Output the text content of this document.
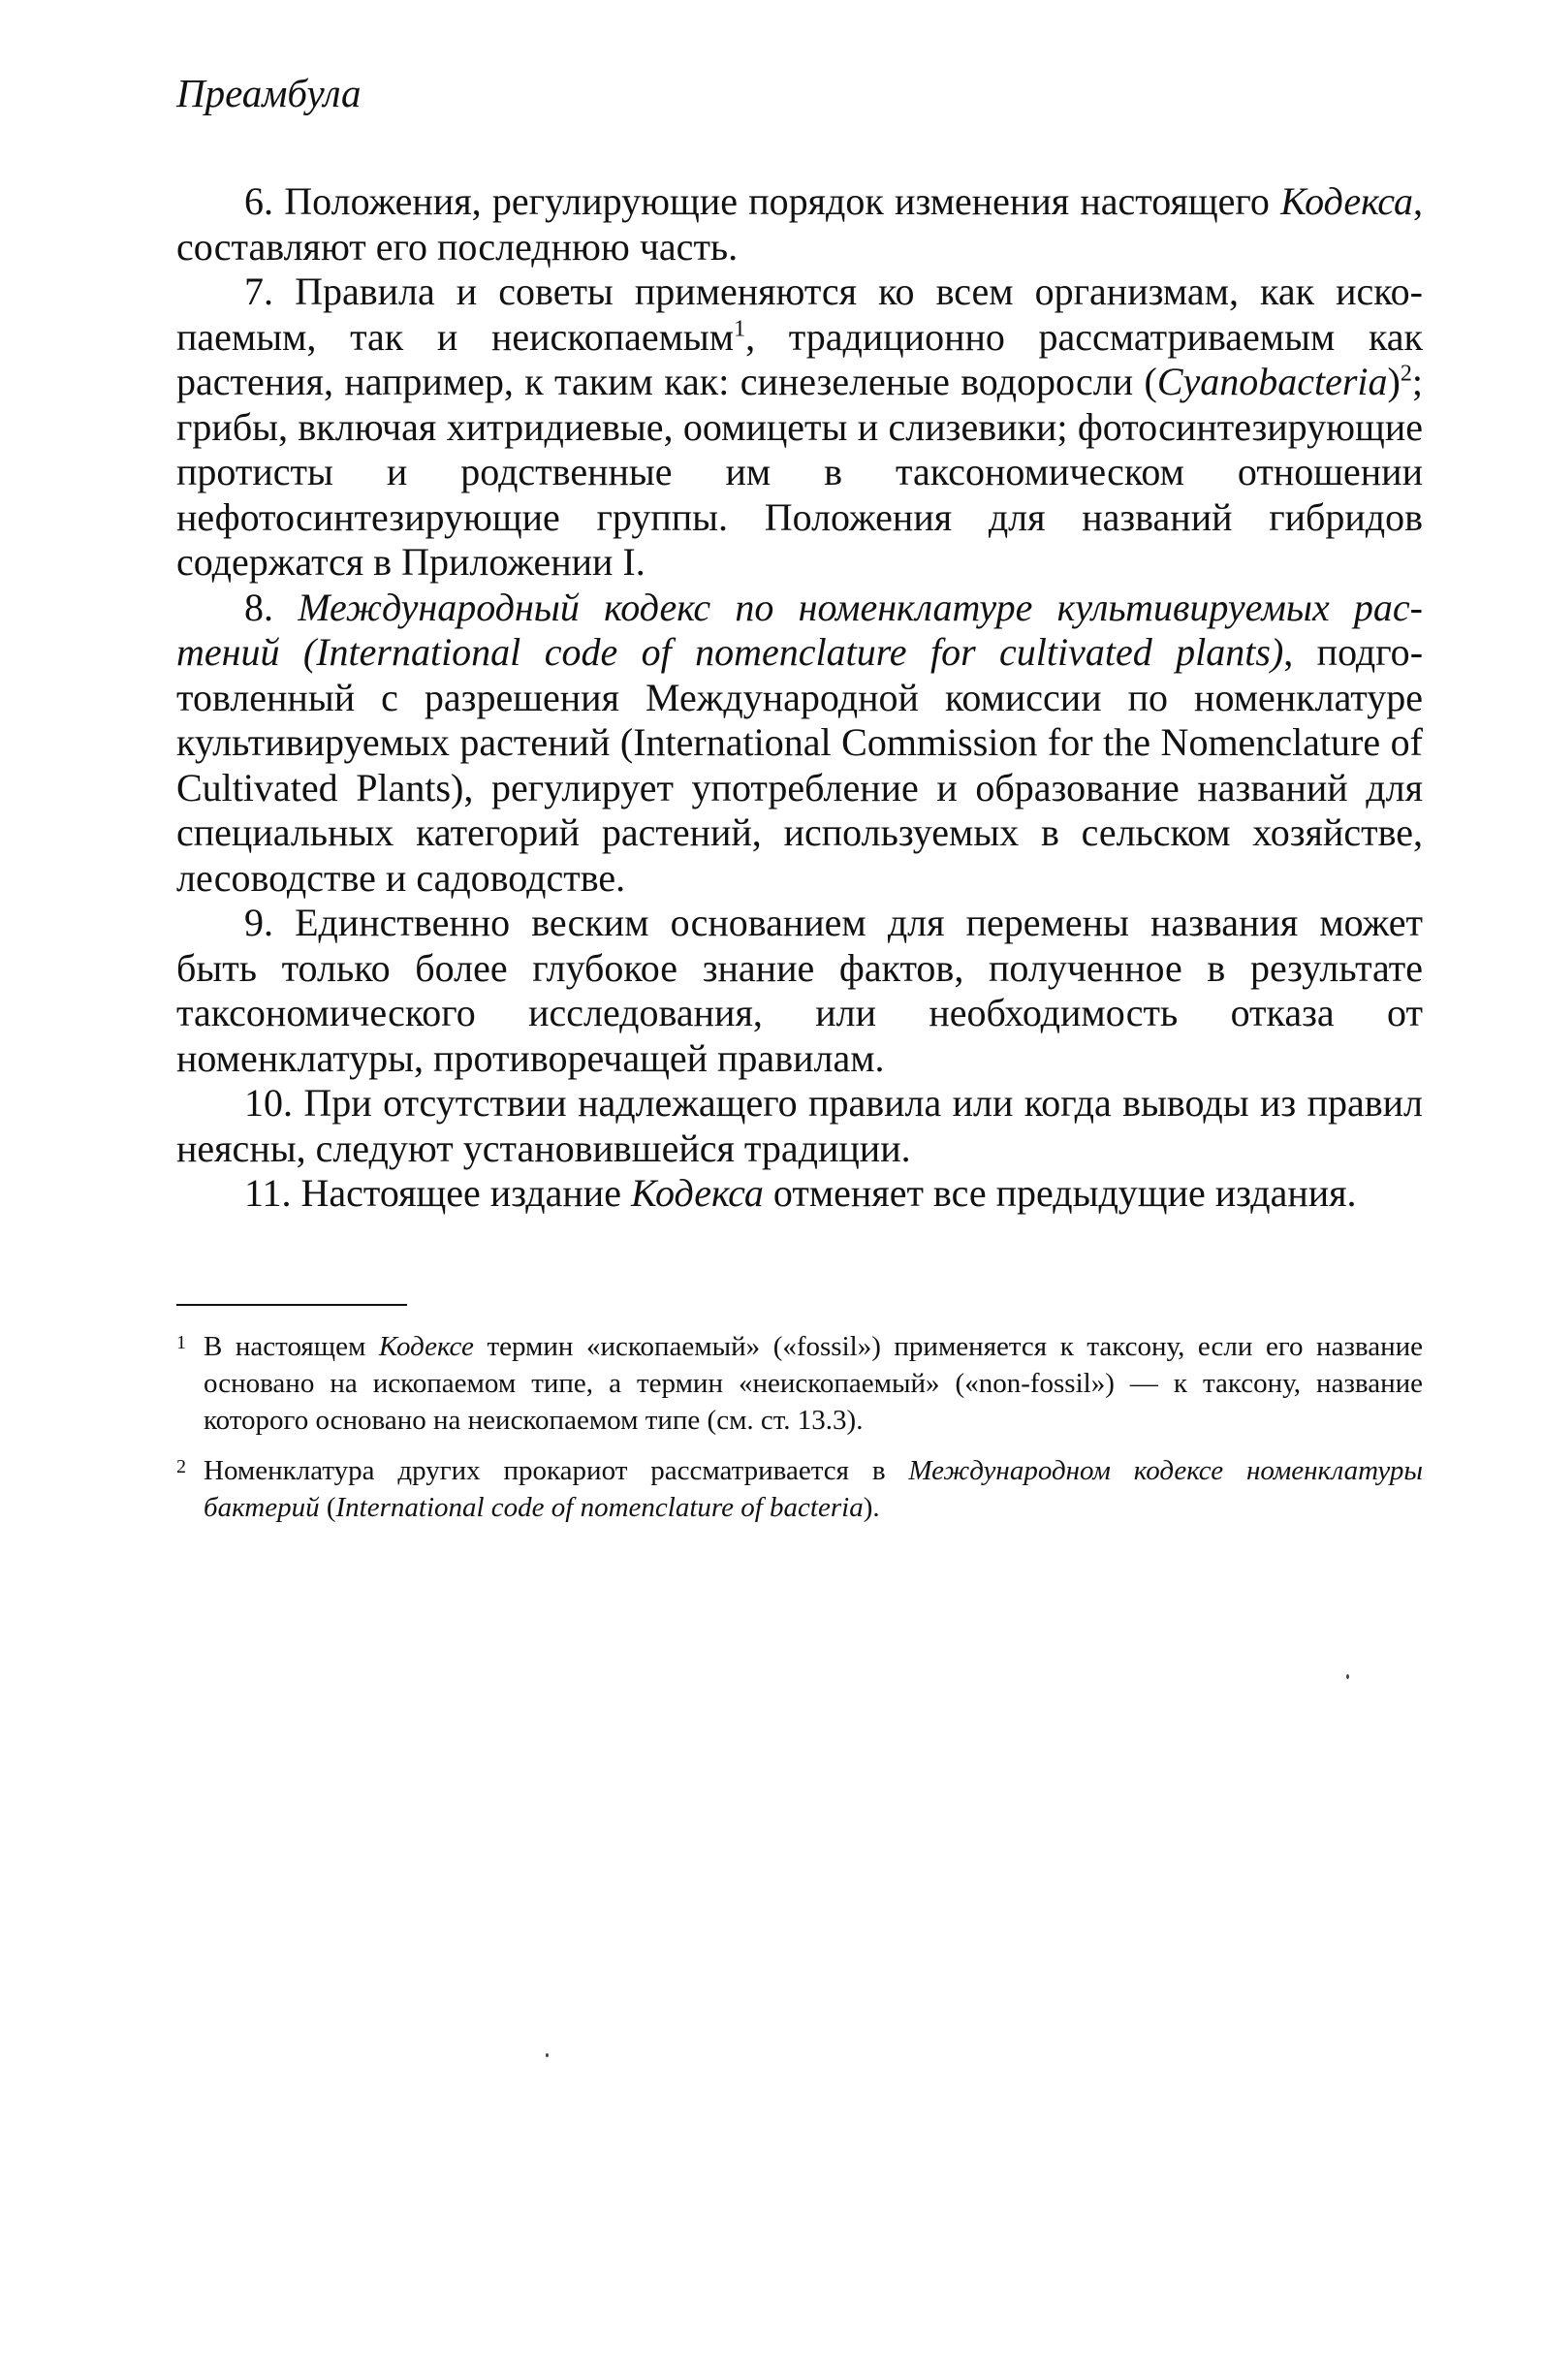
Преамбула

6. Положения, регулирующие порядок изменения настоящего Кодекса, составляют его последнюю часть.

7. Правила и советы применяются ко всем организмам, как ископаемым, так и неископаемым$^1$, традиционно рассматриваемым как растения, например, к таким как: синезеленые водоросли (Cyanobacteria)$^2$; грибы, включая хитридиевые, оомицеты и слизевики; фотосинтезирующие протисты и родственные им в таксономическом отношении нефотосинтезирующие группы. Положения для названий гибридов содержатся в Приложении I.

8. Международный кодекс по номенклатуре культивируемых растений (International code of nomenclature for cultivated plants), подготовленный с разрешения Международной комиссии по номенклатуре культивируемых растений (International Commission for the Nomenclature of Cultivated Plants), регулирует употребление и образование названий для специальных категорий растений, используемых в сельском хозяйстве, лесоводстве и садоводстве.

9. Единственно веским основанием для перемены названия может быть только более глубокое знание фактов, полученное в результате таксономического исследования, или необходимость отказа от номенклатуры, противоречащей правилам.

10. При отсутствии надлежащего правила или когда выводы из правил неясны, следуют установившейся традиции.

11. Настоящее издание Кодекса отменяет все предыдущие издания.

1 В настоящем Кодексе термин «ископаемый» («fossil») применяется к таксону, если его название основано на ископаемом типе, а термин «неископаемый» («non-fossil») — к таксону, название которого основано на неископаемом типе (см. ст. 13.3).

2 Номенклатура других прокариот рассматривается в Международном кодексе номенклатуры бактерий (International code of nomenclature of bacteria).
